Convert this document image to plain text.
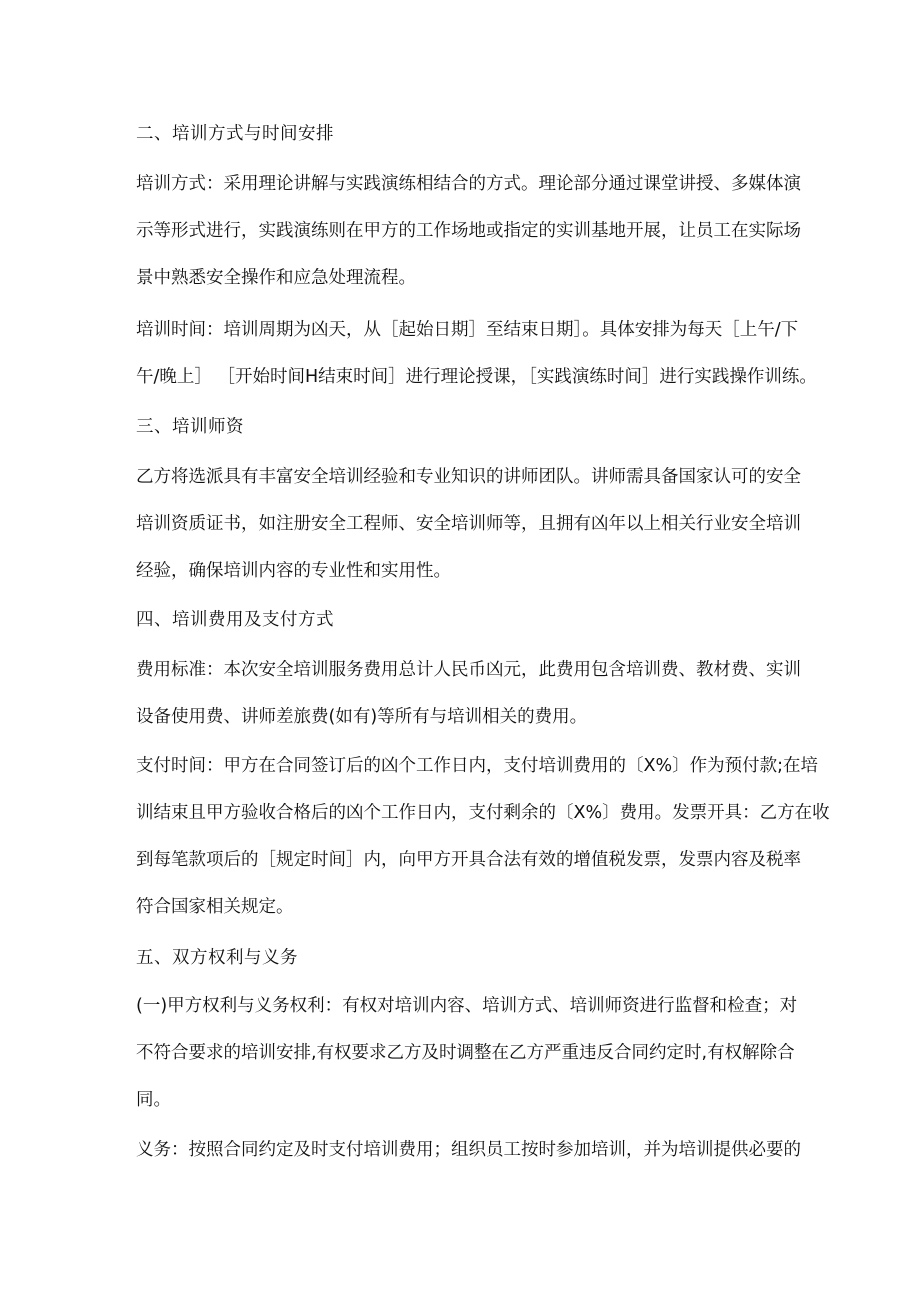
二、培训方式与时间安排
培训方式：采用理论讲解与实践演练相结合的方式。理论部分通过课堂讲授、多媒体演
示等形式进行，实践演练则在甲方的工作场地或指定的实训基地开展，让员工在实际场
景中熟悉安全操作和应急处理流程。
培训时间：培训周期为凶天，从［起始日期］至结束日期］。具体安排为每天［上午/下
午/晚上］ ［开始时间H结束时间］进行理论授课，［实践演练时间］进行实践操作训练。
三、培训师资
乙方将选派具有丰富安全培训经验和专业知识的讲师团队。讲师需具备国家认可的安全
培训资质证书，如注册安全工程师、安全培训师等，且拥有凶年以上相关行业安全培训
经验，确保培训内容的专业性和实用性。
四、培训费用及支付方式
费用标准：本次安全培训服务费用总计人民币凶元，此费用包含培训费、教材费、实训
设备使用费、讲师差旅费(如有)等所有与培训相关的费用。
支付时间：甲方在合同签订后的凶个工作日内，支付培训费用的〔X%〕作为预付款;在培
训结束且甲方验收合格后的凶个工作日内，支付剩余的〔X%〕费用。发票开具：乙方在收
到每笔款项后的［规定时间］内，向甲方开具合法有效的增值税发票，发票内容及税率
符合国家相关规定。
五、双方权利与义务
(一)甲方权利与义务权利：有权对培训内容、培训方式、培训师资进行监督和检查；对
不符合要求的培训安排,有权要求乙方及时调整在乙方严重违反合同约定时,有权解除合
同。
义务：按照合同约定及时支付培训费用；组织员工按时参加培训，并为培训提供必要的
